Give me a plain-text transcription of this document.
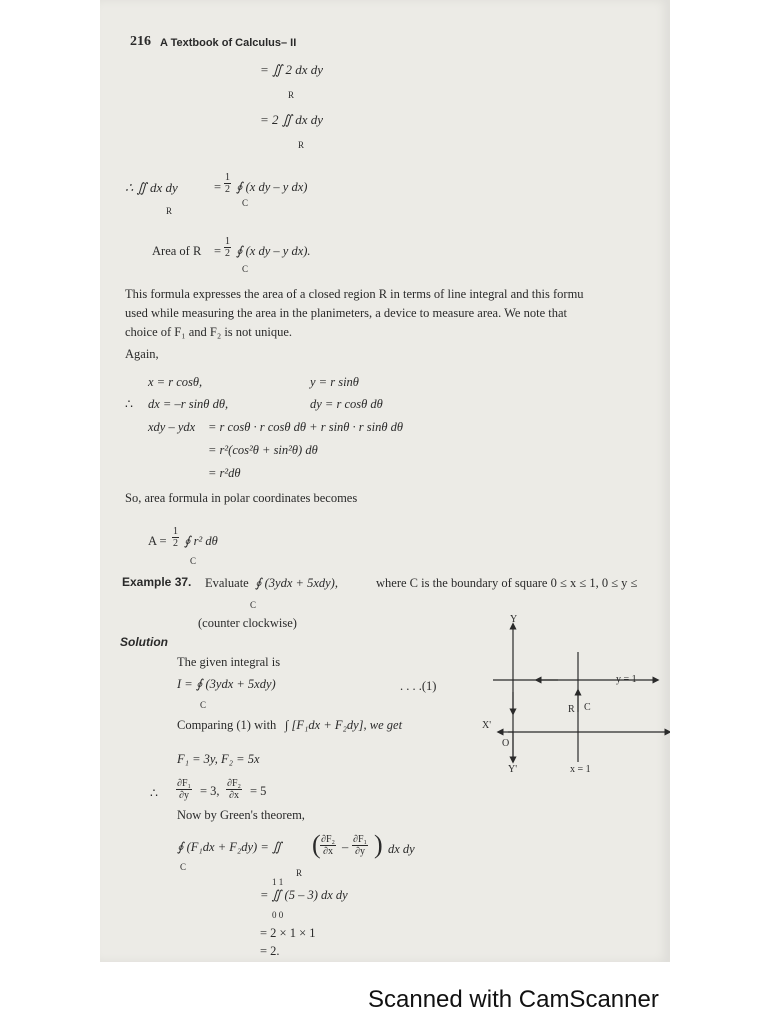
216 A Textbook of Calculus– II
= ∬ 2 dx dy
R
= 2 ∬ dx dy
R
∴ ∬ dx dy
R
= $\frac{1}{2}$ ∮ (x dy – y dx)
C
Area of $R = \frac{1}{2}$ ∮ (x dy – y dx).
C
This formula expresses the area of a closed region R in terms of line integral and this formu
used while measuring the area in the planimeters, a device to measure area. We note that
choice of F₁ and F₂ is not unique.
Again,
x = r cosθ,	y = r sinθ
∴ dx = –r sinθ dθ,	dy = r cosθ dθ
xdy – ydx = r cosθ · r cosθ dθ + r sinθ · r sinθ dθ
= r²(cos²θ + sin²θ) dθ
= r²dθ
So, area formula in polar coordinates becomes
$A = \frac{1}{2}$ ∮ r² dθ
C
Example 37. Evaluate ∮ (3ydx + 5xdy),	where C is the boundary of square 0 ≤ x ≤ 1, 0 ≤ y ≤
C
(counter clockwise)
Solution
The given integral is
I = ∮ (3ydx + 5xdy)
C
. . . .(1)
Comparing (1) with ∫ [F₁dx + F₂dy], we get
F₁ = 3y, F₂ = 5x
∴ $\frac{\text{∂F₁}}{\partial y} = 3$, $\frac{\text{∂F₂}}{\partial x} = 5$
Now by Green's theorem,
∮ (F₁dx + F₂dy) = ∬
C
R
( $\frac{\text{∂F₂}}{\partial x} - \frac{\text{∂F₁}}{\partial y}$ ) dx dy
1 1
= ∬ (5 – 3) dx dy
0 0
= 2 × 1 × 1
= 2.
Y
Y'
X'
O
R C
y = 1
x = 1
Scanned with CamScanner
